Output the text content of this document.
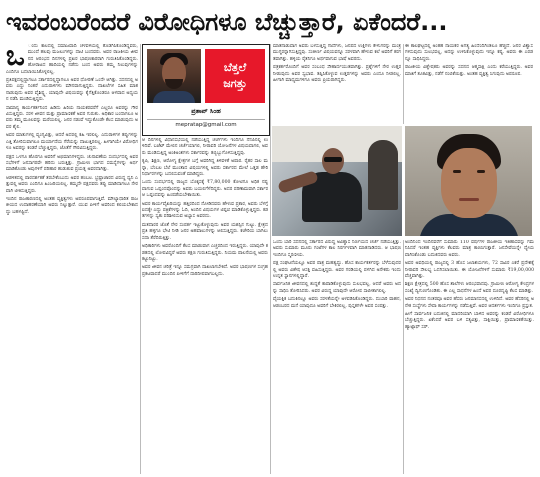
ಇವರಂಬರೆಂದರೆ ವಿರೋಧಿಗಳೂ ಬೆಚ್ಚುತ್ತಾರೆ, ಏಕೆಂದರೆ...
ಒ ಂದು ಕಾಲದಲ್ಲಿ ಸಮಾಜವಾದಿ ಚಳವಳಿಯಲ್ಲಿ ತೊಡಗಿಸಿಕೊಂಡಿದ್ದವರು, ಮುಂದೆ ಹಲವು ಮಜಲುಗಳನ್ನು ದಾಟಿ ಬಂದವರು. ಅವರ ರಾಜಕೀಯ ಜೀವನದ ಆರಂಭದ ದಿನಗಳಲ್ಲಿ ಪ್ರಖರ ಭಾಷಣಕಾರರಾಗಿ ಗುರುತಿಸಿಕೊಂಡಿದ್ದರು. ಹೋರಾಟದ ಹಾದಿಯಲ್ಲಿ ನಡೆದು ಬಂದ ಅವರು ತಮ್ಮ ನಿಲುವುಗಳನ್ನು ಎಂದಿಗೂ ಬದಲಾಯಿಸಿಕೊಳ್ಳಲಿಲ್ಲ.

ಪ್ರತಿಪಕ್ಷದಲ್ಲಿದ್ದಾಗಲೂ ಸರ್ಕಾರದಲ್ಲಿದ್ದಾಗಲೂ ಅವರ ಧೋರಣೆ ಒಂದೇ ಆಗಿತ್ತು. ಸದನದಲ್ಲಿ ಅವರು ಎದ್ದು ನಿಂತರೆ ಎದುರಾಳಿಗಳು ಮೌನವಾಗುತ್ತಿದ್ದರು. ದಾಖಲೆಗಳ ಸಹಿತ ಮಾತನಾಡುವುದು ಅವರ ವೈಶಿಷ್ಟ್ಯ. ಯಾವುದೇ ವಿಷಯವನ್ನು ಕೈಗೆತ್ತಿಕೊಂಡರೂ ಆಳವಾದ ಅಧ್ಯಯನ ನಡೆಸಿ ಮಂಡಿಸುತ್ತಿದ್ದರು.

ಸಾಮಾನ್ಯ ಕಾರ್ಯಕರ್ತನಿಂದ ಹಿಡಿದು ಹಿರಿಯ ನಾಯಕರವರೆಗೆ ಎಲ್ಲರೂ ಅವರನ್ನು ಗೌರವಿಸುತ್ತಿದ್ದರು. ಸರಳ ಜೀವನ ಮತ್ತು ಪ್ರಾಮಾಣಿಕತೆ ಅವರ ಗುರುತು. ಅಧಿಕಾರ ಬಂದಾಗಲೂ ಅವರು ತಮ್ಮ ಮೂಲವನ್ನು ಮರೆಯಲಿಲ್ಲ. ಜನರ ನಡುವೆ ಇದ್ದುಕೊಂಡೇ ಕೆಲಸ ಮಾಡುವುದು ಅವರ ಶೈಲಿ.

ಅವರ ಮಾತುಗಳಲ್ಲಿ ವ್ಯಂಗ್ಯವಿತ್ತು, ಆದರೆ ಅದರಲ್ಲಿ ಕಹಿ ಇರಲಿಲ್ಲ. ಎದುರಾಳಿಗಳ ತಪ್ಪುಗಳನ್ನು ಎತ್ತಿ ತೋರಿಸುವಾಗಲೂ ಮರ್ಯಾದೆಯ ಗೆರೆಯನ್ನು ದಾಟುತ್ತಿರಲಿಲ್ಲ. ಹೀಗಾಗಿಯೇ ವಿರೋಧಿಗಳೂ ಅವರನ್ನು ಕಂಡರೆ ಬೆಚ್ಚುತ್ತಿದ್ದರು, ಜೊತೆಗೆ ಗೌರವಿಸುತ್ತಿದ್ದರು.

ಪಕ್ಷದ ಒಳಗೂ ಹೊರಗೂ ಅವರಿಗೆ ಅಭಿಮಾನಿಗಳಿದ್ದರು. ಚುನಾವಣೆಯ ಸಂದರ್ಭದಲ್ಲಿ ಅವರ ಸಭೆಗಳಿಗೆ ಜನಸಾಗರವೇ ಹರಿದು ಬರುತ್ತಿತ್ತು. ಗ್ರಾಮೀಣ ಭಾಗದ ಸಮಸ್ಯೆಗಳನ್ನು ಅರ್ಥ ಮಾಡಿಕೊಂಡು ಅವುಗಳಿಗೆ ಪರಿಹಾರ ಹುಡುಕುವ ಪ್ರಯತ್ನ ಅವರದಾಗಿತ್ತು.

ಆಡಳಿತದಲ್ಲಿ ಪಾರದರ್ಶಕತೆ ತರಬೇಕೆಂಬುದು ಅವರ ಹಂಬಲ. ಭ್ರಷ್ಟಾಚಾರದ ವಿರುದ್ಧ ಧ್ವನಿ ಎತ್ತುವಲ್ಲಿ ಅವರು ಎಂದಿಗೂ ಹಿಂಜರಿಯಲಿಲ್ಲ. ತಮ್ಮದೇ ಪಕ್ಷದವರು ತಪ್ಪು ಮಾಡಿದಾಗಲೂ ನೇರವಾಗಿ ಟೀಕಿಸುತ್ತಿದ್ದರು.

ಇಂದಿನ ರಾಜಕಾರಣದಲ್ಲಿ ಅಂತಹ ವ್ಯಕ್ತಿತ್ವಗಳು ಅಪರೂಪವಾಗುತ್ತಿವೆ. ಮೌಲ್ಯಾಧಾರಿತ ರಾಜಕೀಯದ ಉದಾಹರಣೆಯಾಗಿ ಅವರು ನಿಲ್ಲುತ್ತಾರೆ. ಯುವ ಪೀಳಿಗೆ ಅವರಿಂದ ಕಲಿಯಬೇಕಾದದ್ದು ಬಹಳಷ್ಟಿದೆ.

ಬೆತ್ತಲೆ
ಜಗತ್ತು
ಪ್ರತಾಪ್ ಸಿಂಹ
mepratap@gmail.com

ಆ ದಿನಗಳಲ್ಲಿ ವಿಧಾನಸಭೆಯಲ್ಲಿ ನಡೆಯುತ್ತಿದ್ದ ಚರ್ಚೆಗಳು ಇಂದಿಗೂ ನೆನಪಿನಲ್ಲಿ ಉಳಿದಿವೆ. ಬಜೆಟ್ ಮೇಲಿನ ಚರ್ಚೆಯಾಗಲಿ, ನೀರಾವರಿ ಯೋಜನೆಗಳ ವಿಷಯವಾಗಲಿ, ಅವರು ಮಂಡಿಸುತ್ತಿದ್ದ ಅಂಕಿಅಂಶಗಳು ಸರ್ಕಾರವನ್ನು ತಬ್ಬಿಬ್ಬುಗೊಳಿಸುತ್ತಿದ್ದವು.

ಕೃಷಿ, ಶಿಕ್ಷಣ, ಆರೋಗ್ಯ ಕ್ಷೇತ್ರಗಳ ಬಗ್ಗೆ ಅವರಿಗಿದ್ದ ತಿಳಿವಳಿಕೆ ಅಪಾರ. ರೈತರ ಸಾಲ ಮನ್ನಾ, ಬೆಂಬಲ ಬೆಲೆ ಮುಂತಾದ ವಿಷಯಗಳಲ್ಲಿ ಅವರು ಸರ್ಕಾರದ ಮೇಲೆ ಒತ್ತಡ ಹೇರಿ ನಿರ್ಧಾರಗಳನ್ನು ಬದಲಿಸುವಂತೆ ಮಾಡಿದ್ದರು.

ಒಂದು ಸಂದರ್ಭದಲ್ಲಿ ರಾಜ್ಯದ ಬೊಕ್ಕಸಕ್ಕೆ ₹7,80,000 ಕೋಟಿಗೂ ಅಧಿಕ ನಷ್ಟವಾಗುವ ಒಪ್ಪಂದವೊಂದನ್ನು ಅವರು ಬಯಲಿಗೆಳೆದಿದ್ದರು. ಅದರ ಪರಿಣಾಮವಾಗಿ ಸರ್ಕಾರ ಆ ಒಪ್ಪಂದವನ್ನು ಹಿಂಪಡೆಯಬೇಕಾಯಿತು.

ಅವರ ಕಾರ್ಯವೈಖರಿಯನ್ನು ಹತ್ತಿರದಿಂದ ನೋಡಿದವರು ಹೇಳುವ ಪ್ರಕಾರ, ಅವರು ಬೆಳಗ್ಗೆ ಐದಕ್ಕೇ ಎದ್ದು ಪತ್ರಿಕೆಗಳನ್ನು ಓದಿ, ಅಂದಿನ ವಿಷಯಗಳ ಟಿಪ್ಪಣಿ ಮಾಡಿಕೊಳ್ಳುತ್ತಿದ್ದರು. ಕಡತಗಳನ್ನು ಸ್ವತಃ ಪರಿಶೀಲಿಸುವ ಅಭ್ಯಾಸ ಅವರದು.

ಮತದಾರರ ಜೊತೆ ನೇರ ಸಂಪರ್ಕ ಇಟ್ಟುಕೊಳ್ಳುವುದು ಅವರ ಯಶಸ್ಸಿನ ಗುಟ್ಟು. ಕ್ಷೇತ್ರದ ಪ್ರತಿ ಹಳ್ಳಿಗೂ ಭೇಟಿ ನೀಡಿ ಜನರ ಅಹವಾಲುಗಳನ್ನು ಆಲಿಸುತ್ತಿದ್ದರು. ಕಚೇರಿಯ ಬಾಗಿಲು ಸದಾ ತೆರೆದಿರುತ್ತಿತ್ತು.

ಅಧಿಕಾರಿಗಳು ಅವರೊಂದಿಗೆ ಕೆಲಸ ಮಾಡುವಾಗ ಎಚ್ಚರದಿಂದ ಇರುತ್ತಿದ್ದರು. ಯಾವುದೇ ಕಡತದಲ್ಲಿ ಲೋಪವಿದ್ದರೆ ಅವರು ತಕ್ಷಣ ಗುರುತಿಸುತ್ತಿದ್ದರು. ನಿಯಮ ಪಾಲನೆಯಲ್ಲಿ ಅವರು ಕಟ್ಟುನಿಟ್ಟು.

ಅವರ ಜೀವನ ಚರಿತ್ರೆ ಇನ್ನೂ ಸಮಗ್ರವಾಗಿ ದಾಖಲಾಗಬೇಕಿದೆ. ಅವರ ಭಾಷಣಗಳ ಸಂಗ್ರಹ ಪ್ರಕಟವಾದರೆ ಮುಂದಿನ ಪೀಳಿಗೆಗೆ ದಾರಿದೀಪವಾಗಬಲ್ಲದು.

ಮಾತನಾಡುವಾಗ ಅವರು ಬಳಸುತ್ತಿದ್ದ ಗಾದೆಗಳು, ಜನಪದ ಉಕ್ತಿಗಳು ಕೇಳುಗರನ್ನು ಮಂತ್ರಮುಗ್ಧರನ್ನಾಗಿಸುತ್ತಿದ್ದವು. ಸಂಕೀರ್ಣ ವಿಷಯವನ್ನೂ ಸರಳವಾಗಿ ಹೇಳುವ ಕಲೆ ಅವರಿಗೆ ಕರಗತವಾಗಿತ್ತು. ಹಳ್ಳಿಯ ರೈತನಿಗೂ ಅರ್ಥವಾಗುವ ಭಾಷೆ ಅವರದು.

ಪತ್ರಕರ್ತರೊಂದಿಗೆ ಅವರ ಸಂಬಂಧ ಸೌಹಾರ್ದಯುತವಾಗಿತ್ತು. ಪ್ರಶ್ನೆಗಳಿಗೆ ನೇರ ಉತ್ತರ ನೀಡುವುದು ಅವರ ಸ್ವಭಾವ. ತಪ್ಪಿಸಿಕೊಳ್ಳುವ ಉತ್ತರಗಳನ್ನು ಅವರು ಎಂದೂ ನೀಡಲಿಲ್ಲ. ಹೀಗಾಗಿ ಮಾಧ್ಯಮಗಳಿಗೂ ಅವರು ಪ್ರಿಯರಾಗಿದ್ದರು.

ಈ ಕಾಲಘಟ್ಟದಲ್ಲಿ ಅಂತಹ ನಾಯಕರ ಅಗತ್ಯ ಹಿಂದೆಂದಿಗಿಂತಲೂ ಹೆಚ್ಚಿದೆ. ಜನರ ವಿಶ್ವಾಸ ಗಳಿಸುವುದು ಸುಲಭವಲ್ಲ, ಅದನ್ನು ಉಳಿಸಿಕೊಳ್ಳುವುದು ಇನ್ನೂ ಕಷ್ಟ. ಅವರು ಈ ಎರಡನ್ನೂ ಸಾಧಿಸಿದ್ದರು.

ರಾಜಕೀಯ ವಿಶ್ಲೇಷಕರು ಅವರನ್ನು ಸದನದ ಆತ್ಮಸಾಕ್ಷಿ ಎಂದು ಕರೆಯುತ್ತಿದ್ದರು. ಅವರ ಮಾತಿಗೆ ತೂಕವಿತ್ತು, ನಡೆಗೆ ನಂಬಿಕೆಯಿತ್ತು. ಅಂತಹ ವ್ಯಕ್ತಿತ್ವ ಸಿಗುವುದು ಅಪರೂಪ.

ಒಂದು ಬಾರಿ ಸದನದಲ್ಲಿ ಸರ್ಕಾರದ ವಿರುದ್ಧ ಅವಿಶ್ವಾಸ ನಿರ್ಣಯದ ಚರ್ಚೆ ನಡೆಯುತ್ತಿತ್ತು. ಅವರು ಸುಮಾರು ಮೂರು ಗಂಟೆಗಳ ಕಾಲ ನಿರರ್ಗಳವಾಗಿ ಮಾತನಾಡಿದರು. ಆ ಭಾಷಣ ಇಂದಿಗೂ ಸ್ಮರಣೀಯ.

ಪಕ್ಷ ಸಂಘಟನೆಯಲ್ಲೂ ಅವರ ಪಾತ್ರ ಮಹತ್ವದ್ದು. ಹೊಸ ಕಾರ್ಯಕರ್ತರನ್ನು ಬೆಳೆಸುವುದರಲ್ಲಿ ಅವರು ವಿಶೇಷ ಆಸಕ್ತಿ ವಹಿಸುತ್ತಿದ್ದರು. ಅವರ ಗರಡಿಯಲ್ಲಿ ಪಳಗಿದ ಅನೇಕರು ಇಂದು ಉನ್ನತ ಸ್ಥಾನಗಳಲ್ಲಿದ್ದಾರೆ.

ಸಾರ್ವಜನಿಕ ಜೀವನದಲ್ಲಿ ಶುದ್ಧತೆ ಕಾಪಾಡಿಕೊಳ್ಳುವುದು ಸುಲಭವಲ್ಲ. ಆದರೆ ಅವರು ಅದನ್ನು ಸಾಧಿಸಿ ತೋರಿಸಿದರು. ಅವರ ವಿರುದ್ಧ ಯಾವುದೇ ಆರೋಪ ಸಾಬೀತಾಗಲಿಲ್ಲ.

ವೈಯಕ್ತಿಕ ಬದುಕಿನಲ್ಲೂ ಅವರು ಸರಳತೆಯನ್ನೇ ಅಳವಡಿಸಿಕೊಂಡಿದ್ದರು. ದುಬಾರಿ ವಾಹನ, ಆಡಂಬರದ ಮನೆ ಯಾವುದೂ ಅವರಿಗೆ ಬೇಕಿರಲಿಲ್ಲ. ಪುಸ್ತಕಗಳೇ ಅವರ ಸಂಪತ್ತು.

ಅಂದಿನಿಂದ ಇಂದಿನವರೆಗೆ ಸುಮಾರು 110 ವರ್ಷಗಳ ರಾಜಕೀಯ ಇತಿಹಾಸವನ್ನು ಗಮನಿಸಿದರೆ ಇಂತಹ ವ್ಯಕ್ತಿಗಳು ಕೆಲವರು ಮಾತ್ರ ಕಾಣಸಿಗುತ್ತಾರೆ. ಜನಸೇವೆಯನ್ನೇ ಧ್ಯೇಯವಾಗಿಸಿಕೊಂಡು ಬದುಕಿದವರು ಅವರು.

ಅವರ ಅವಧಿಯಲ್ಲಿ ರಾಜ್ಯದಲ್ಲಿ 3 ಹೊಸ ಜಲಾಶಯಗಳು, 72 ಸಾವಿರ ಎಕರೆ ಪ್ರದೇಶಕ್ಕೆ ನೀರಾವರಿ ಸೌಲಭ್ಯ ಒದಗಿಸಲಾಯಿತು. ಈ ಯೋಜನೆಗಳಿಗೆ ಸುಮಾರು ₹19,00,000 ವೆಚ್ಚವಾಗಿತ್ತು.

ಶಿಕ್ಷಣ ಕ್ಷೇತ್ರದಲ್ಲಿ 500 ಹೊಸ ಶಾಲೆಗಳು ಆರಂಭವಾದವು. ಗ್ರಾಮೀಣ ಆರೋಗ್ಯ ಕೇಂದ್ರಗಳ ಸಂಖ್ಯೆ ದ್ವಿಗುಣಗೊಂಡಿತು. ಈ ಎಲ್ಲ ಸಾಧನೆಗಳ ಹಿಂದೆ ಅವರ ದೂರದೃಷ್ಟಿ ಕೆಲಸ ಮಾಡಿತ್ತು.

ಅವರ ನಿಧನದ ನಂತರವೂ ಅವರ ಹೆಸರು ಜನಮಾನಸದಲ್ಲಿ ಉಳಿದಿದೆ. ಅವರ ಹೆಸರಿನಲ್ಲಿ ಅನೇಕ ಸಂಸ್ಥೆಗಳು ಸೇವಾ ಕಾರ್ಯಗಳನ್ನು ನಡೆಸುತ್ತಿವೆ. ಅವರ ಆದರ್ಶಗಳು ಇಂದಿಗೂ ಪ್ರಸ್ತುತ.

ಹೀಗೆ ಸಾರ್ವಜನಿಕ ಬದುಕಿನಲ್ಲಿ ಮಾದರಿಯಾಗಿ ಬಾಳಿದ ಅವರನ್ನು ಕಂಡರೆ ವಿರೋಧಿಗಳೂ ಬೆಚ್ಚುತ್ತಿದ್ದರು. ಏಕೆಂದರೆ ಅವರ ಬಳಿ ಸತ್ಯವಿತ್ತು, ಸಾಕ್ಷಿಯಿತ್ತು, ಪ್ರಾಮಾಣಿಕತೆಯಿತ್ತು. ಹ್ಯಾಟ್ಸಾಫ್ ಸರ್.
